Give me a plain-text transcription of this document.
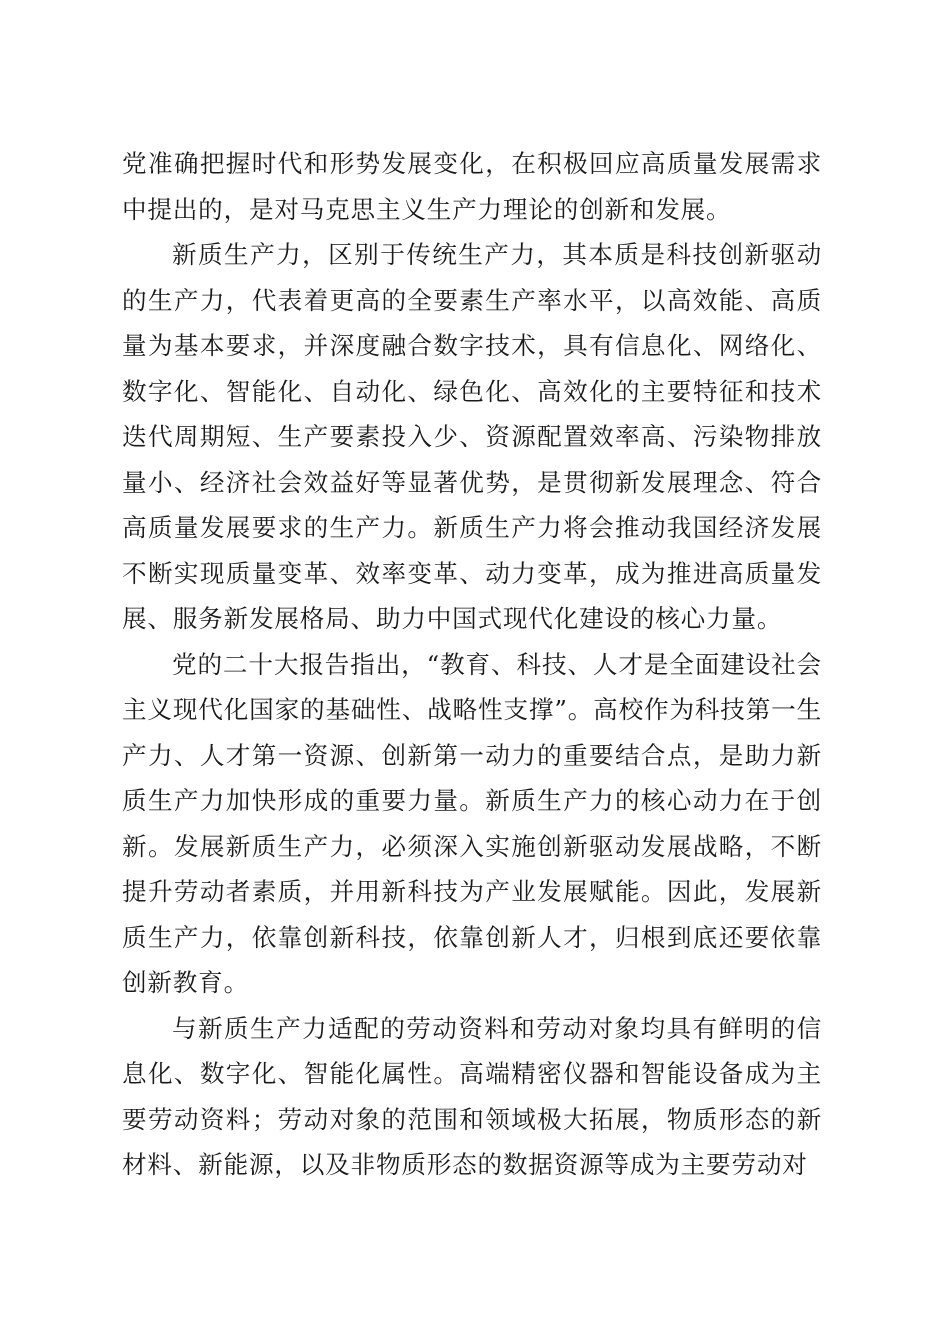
党准确把握时代和形势发展变化，在积极回应高质量发展需求中提出的，是对马克思主义生产力理论的创新和发展。

新质生产力，区别于传统生产力，其本质是科技创新驱动的生产力，代表着更高的全要素生产率水平，以高效能、高质量为基本要求，并深度融合数字技术，具有信息化、网络化、数字化、智能化、自动化、绿色化、高效化的主要特征和技术迭代周期短、生产要素投入少、资源配置效率高、污染物排放量小、经济社会效益好等显著优势，是贯彻新发展理念、符合高质量发展要求的生产力。新质生产力将会推动我国经济发展不断实现质量变革、效率变革、动力变革，成为推进高质量发展、服务新发展格局、助力中国式现代化建设的核心力量。

党的二十大报告指出，“教育、科技、人才是全面建设社会主义现代化国家的基础性、战略性支撑”。高校作为科技第一生产力、人才第一资源、创新第一动力的重要结合点，是助力新质生产力加快形成的重要力量。新质生产力的核心动力在于创新。发展新质生产力，必须深入实施创新驱动发展战略，不断提升劳动者素质，并用新科技为产业发展赋能。因此，发展新质生产力，依靠创新科技，依靠创新人才，归根到底还要依靠创新教育。

与新质生产力适配的劳动资料和劳动对象均具有鲜明的信息化、数字化、智能化属性。高端精密仪器和智能设备成为主要劳动资料；劳动对象的范围和领域极大拓展，物质形态的新材料、新能源，以及非物质形态的数据资源等成为主要劳动对
